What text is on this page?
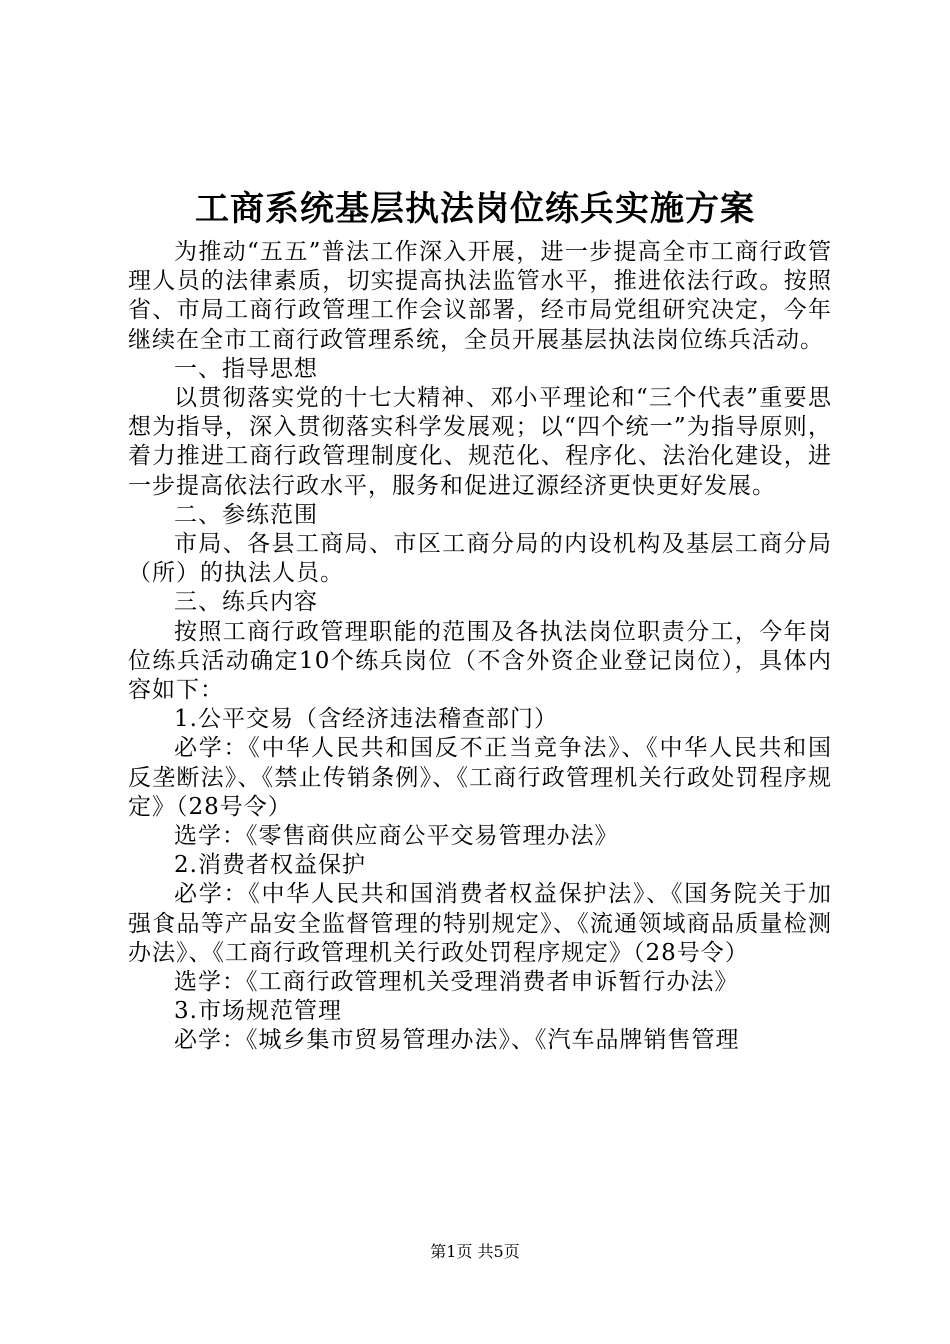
工商系统基层执法岗位练兵实施方案

为推动“五五”普法工作深入开展，进一步提高全市工商行政管理人员的法律素质，切实提高执法监管水平，推进依法行政。按照省、市局工商行政管理工作会议部署，经市局党组研究决定，今年继续在全市工商行政管理系统，全员开展基层执法岗位练兵活动。

一、指导思想

以贯彻落实党的十七大精神、邓小平理论和“三个代表”重要思想为指导，深入贯彻落实科学发展观；以“四个统一”为指导原则，着力推进工商行政管理制度化、规范化、程序化、法治化建设，进一步提高依法行政水平，服务和促进辽源经济更快更好发展。

二、参练范围

市局、各县工商局、市区工商分局的内设机构及基层工商分局（所）的执法人员。

三、练兵内容

按照工商行政管理职能的范围及各执法岗位职责分工，今年岗位练兵活动确定10个练兵岗位（不含外资企业登记岗位），具体内容如下：

1.公平交易（含经济违法稽查部门）

必学：《中华人民共和国反不正当竞争法》、《中华人民共和国反垄断法》、《禁止传销条例》、《工商行政管理机关行政处罚程序规定》（28号令）

选学：《零售商供应商公平交易管理办法》

2.消费者权益保护

必学：《中华人民共和国消费者权益保护法》、《国务院关于加强食品等产品安全监督管理的特别规定》、《流通领域商品质量检测办法》、《工商行政管理机关行政处罚程序规定》（28号令）

选学：《工商行政管理机关受理消费者申诉暂行办法》

3.市场规范管理

必学：《城乡集市贸易管理办法》、《汽车品牌销售管理

第1页 共5页
